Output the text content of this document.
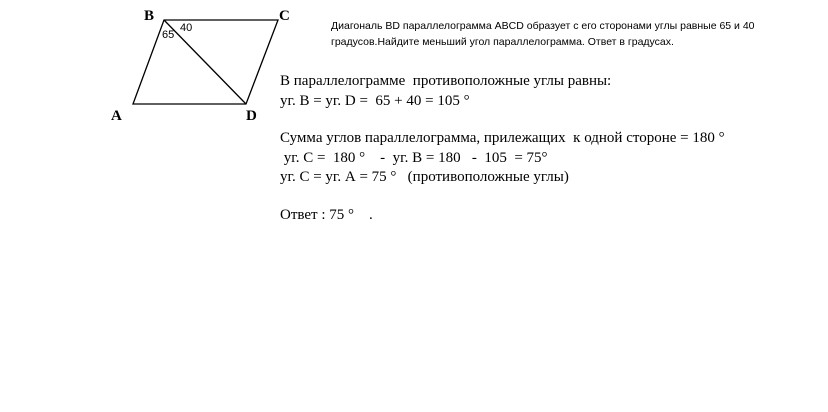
B	C
A	D
65
40	Диагональ BD параллелограмма ABCD образует с его сторонами углы равные 65 и 40

градусов.Найдите меньший угол параллелограмма. Ответ в градусах.

В параллелограмме  противоположные углы равны:

уг. В = уг. D =  65 + 40 = 105 °

Сумма углов параллелограмма, прилежащих  к одной стороне = 180 °

уг. С =  180 °    -  уг. В = 180   -  105  = 75°

уг. С = уг. А = 75 °   (противоположные углы)

Ответ : 75 °    .
